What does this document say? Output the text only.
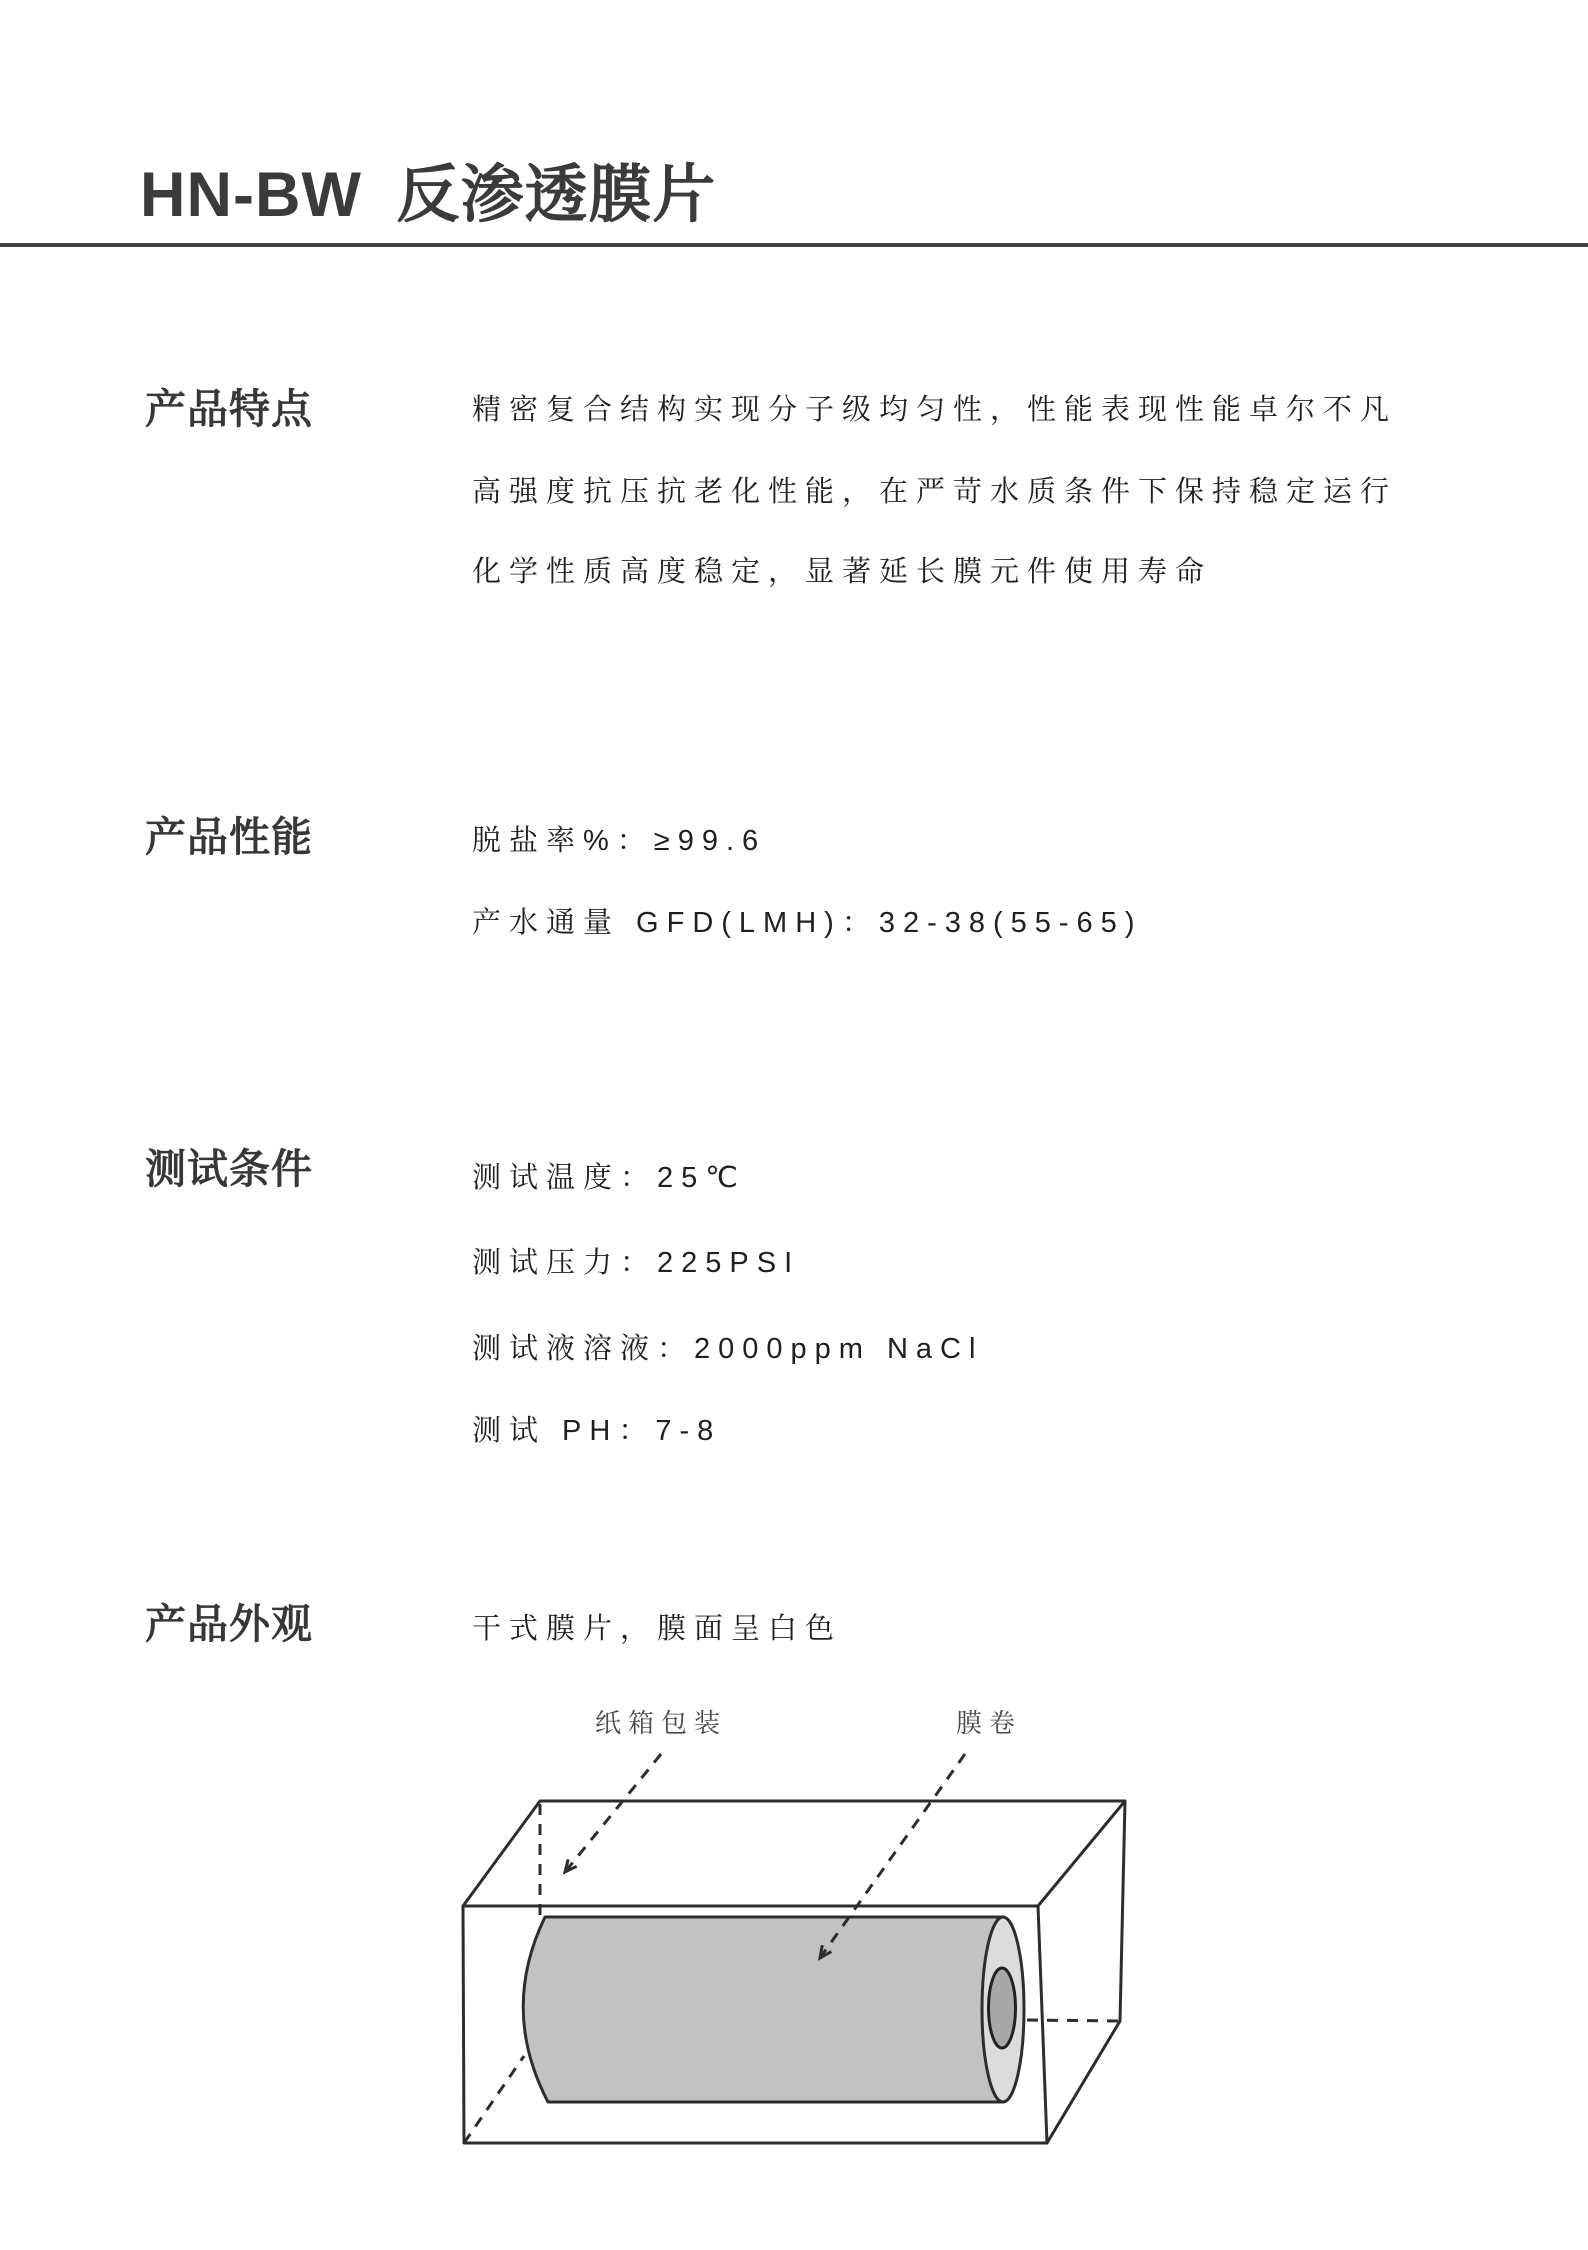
HN-BW 反渗透膜片
产品特点	精密复合结构实现分子级均匀性，性能表现性能卓尔不凡

高强度抗压抗老化性能，在严苛水质条件下保持稳定运行

化学性质高度稳定，显著延长膜元件使用寿命

产品性能	脱盐率%：≥99.6

产水通量 GFD(LMH)：32-38(55-65)

测试条件	测试温度：25℃

测试压力：225PSI

测试液溶液：2000ppm NaCl

测试 PH：7-8

产品外观	干式膜片，膜面呈白色

纸箱包装	膜卷
